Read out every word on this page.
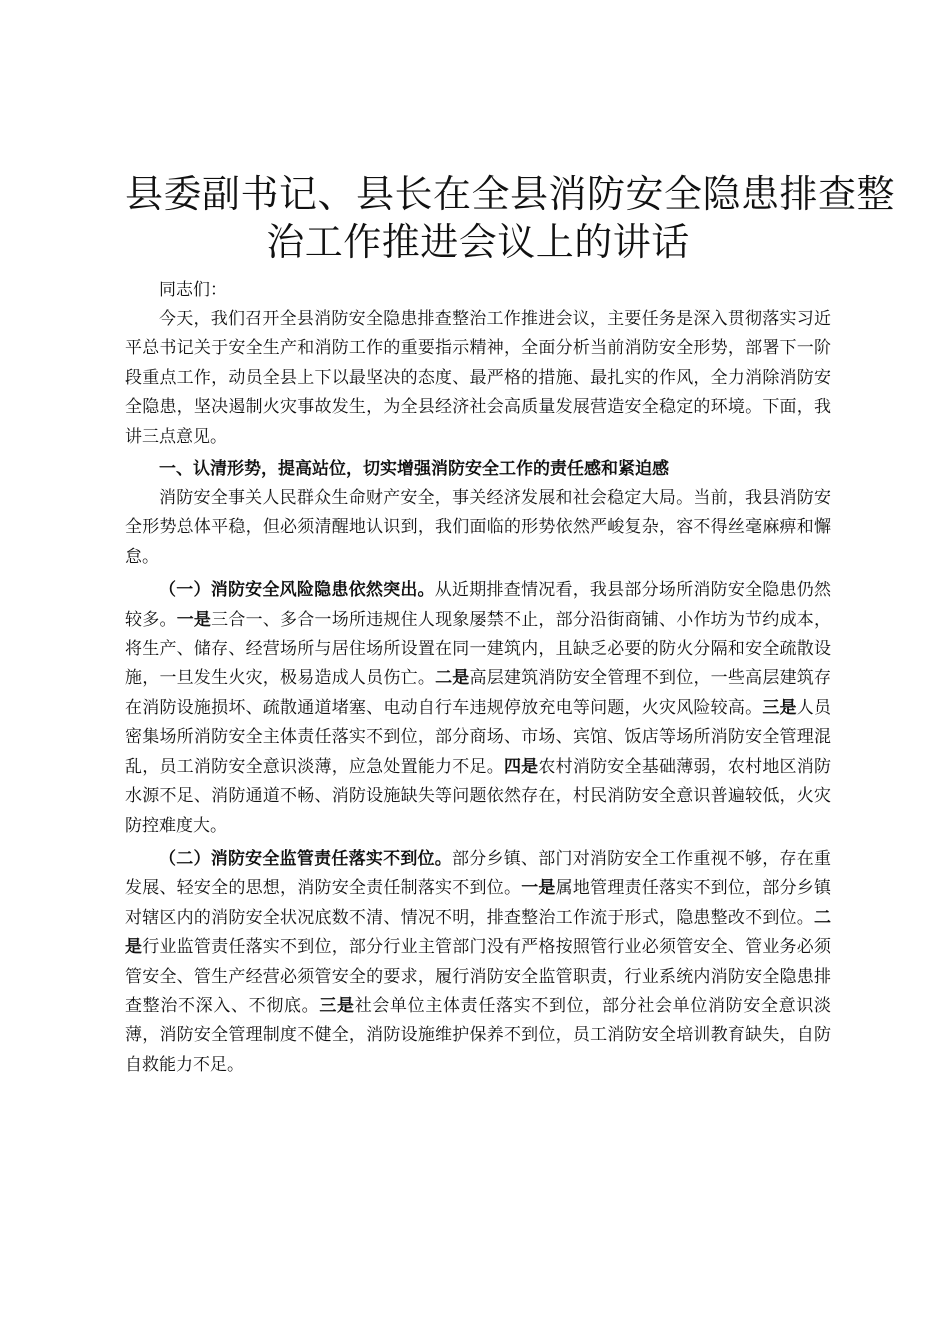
县委副书记、县长在全县消防安全隐患排查整
治工作推进会议上的讲话

同志们：

今天，我们召开全县消防安全隐患排查整治工作推进会议，主要任务是深入贯彻落实习近平总书记关于安全生产和消防工作的重要指示精神，全面分析当前消防安全形势，部署下一阶段重点工作，动员全县上下以最坚决的态度、最严格的措施、最扎实的作风，全力消除消防安全隐患，坚决遏制火灾事故发生，为全县经济社会高质量发展营造安全稳定的环境。下面，我讲三点意见。

一、认清形势，提高站位，切实增强消防安全工作的责任感和紧迫感

消防安全事关人民群众生命财产安全，事关经济发展和社会稳定大局。当前，我县消防安全形势总体平稳，但必须清醒地认识到，我们面临的形势依然严峻复杂，容不得丝毫麻痹和懈怠。

（一）消防安全风险隐患依然突出。从近期排查情况看，我县部分场所消防安全隐患仍然较多。一是三合一、多合一场所违规住人现象屡禁不止，部分沿街商铺、小作坊为节约成本，将生产、储存、经营场所与居住场所设置在同一建筑内，且缺乏必要的防火分隔和安全疏散设施，一旦发生火灾，极易造成人员伤亡。二是高层建筑消防安全管理不到位，一些高层建筑存在消防设施损坏、疏散通道堵塞、电动自行车违规停放充电等问题，火灾风险较高。三是人员密集场所消防安全主体责任落实不到位，部分商场、市场、宾馆、饭店等场所消防安全管理混乱，员工消防安全意识淡薄，应急处置能力不足。四是农村消防安全基础薄弱，农村地区消防水源不足、消防通道不畅、消防设施缺失等问题依然存在，村民消防安全意识普遍较低，火灾防控难度大。

（二）消防安全监管责任落实不到位。部分乡镇、部门对消防安全工作重视不够，存在重发展、轻安全的思想，消防安全责任制落实不到位。一是属地管理责任落实不到位，部分乡镇对辖区内的消防安全状况底数不清、情况不明，排查整治工作流于形式，隐患整改不到位。二是行业监管责任落实不到位，部分行业主管部门没有严格按照管行业必须管安全、管业务必须管安全、管生产经营必须管安全的要求，履行消防安全监管职责，行业系统内消防安全隐患排查整治不深入、不彻底。三是社会单位主体责任落实不到位，部分社会单位消防安全意识淡薄，消防安全管理制度不健全，消防设施维护保养不到位，员工消防安全培训教育缺失，自防自救能力不足。
